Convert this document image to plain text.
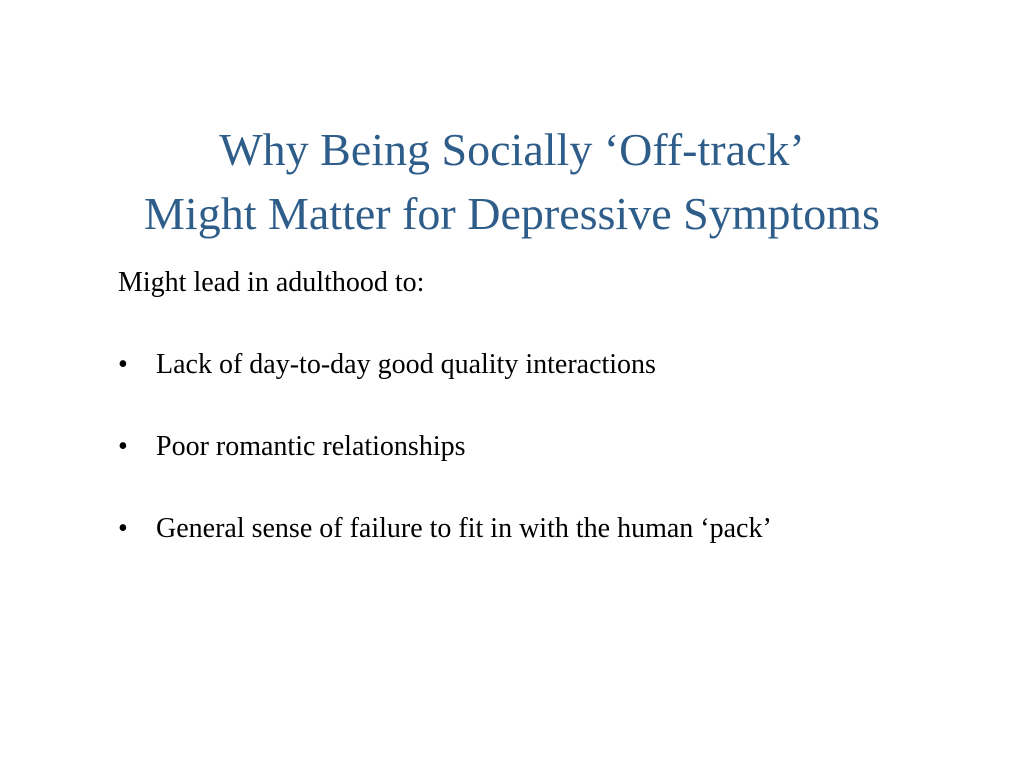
Why Being Socially ‘Off-track’
Might Matter for Depressive Symptoms

Might lead in adulthood to:

•	Lack of day-to-day good quality interactions
•	Poor romantic relationships
•	General sense of failure to fit in with the human ‘pack’
